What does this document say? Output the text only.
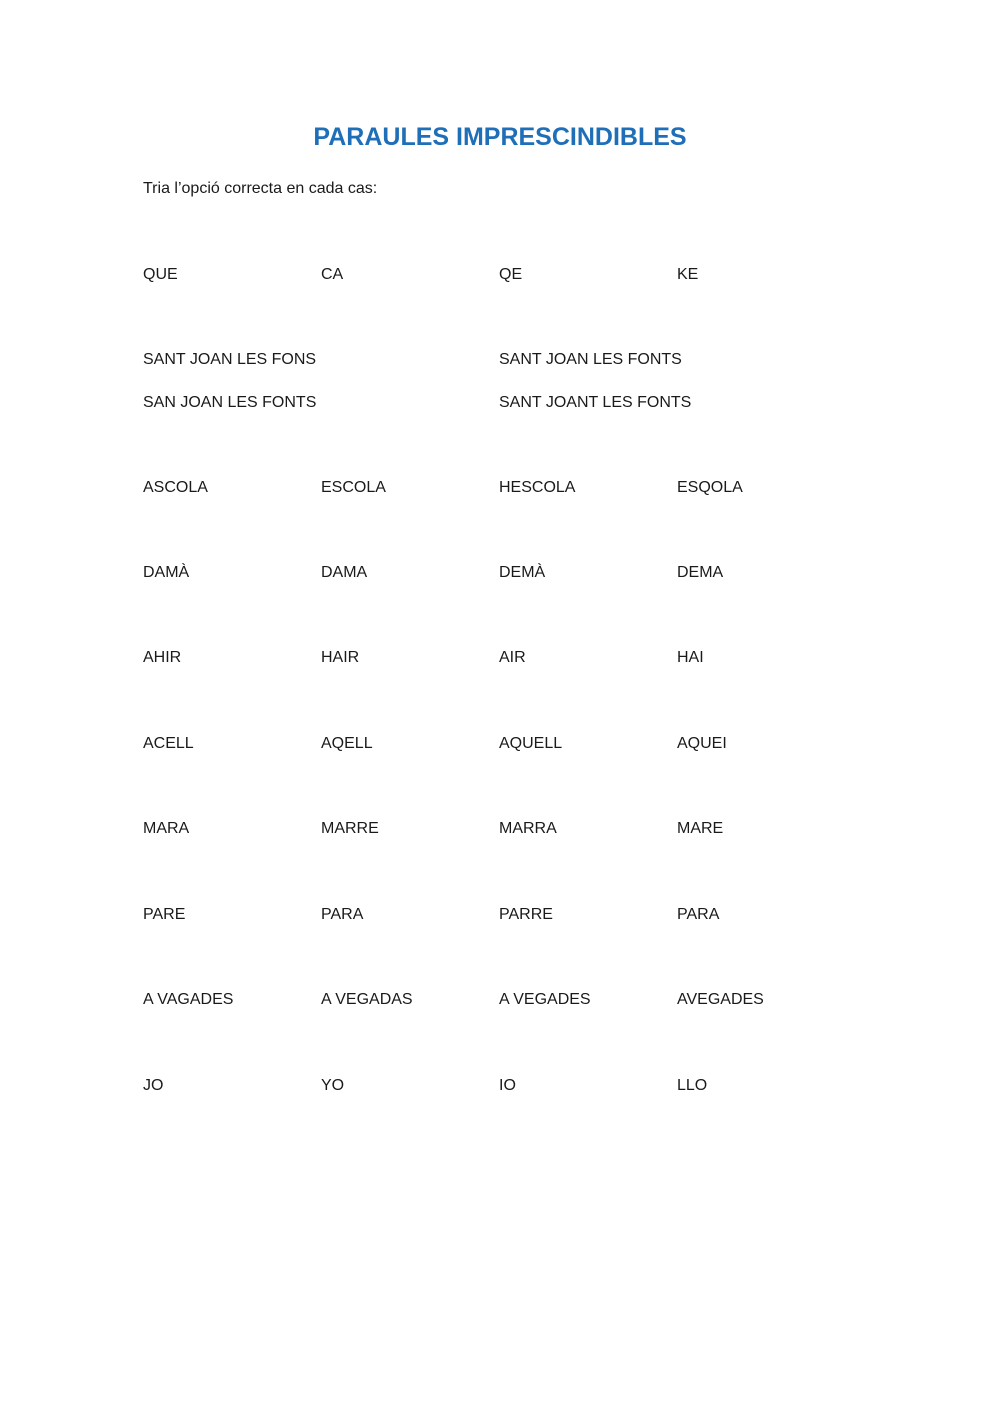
PARAULES IMPRESCINDIBLES
Tria l’opció correcta en cada cas:
QUE	CA	QE	KE
SANT JOAN LES FONS	SANT JOAN LES FONTS
SAN JOAN LES FONTS	SANT JOANT LES FONTS
ASCOLA	ESCOLA	HESCOLA	ESQOLA
DAMÀ	DAMA	DEMÀ	DEMA
AHIR	HAIR	AIR	HAI
ACELL	AQELL	AQUELL	AQUEI
MARA	MARRE	MARRA	MARE
PARE	PARA	PARRE	PARA
A VAGADES	A VEGADAS	A VEGADES	AVEGADES
JO	YO	IO	LLO
